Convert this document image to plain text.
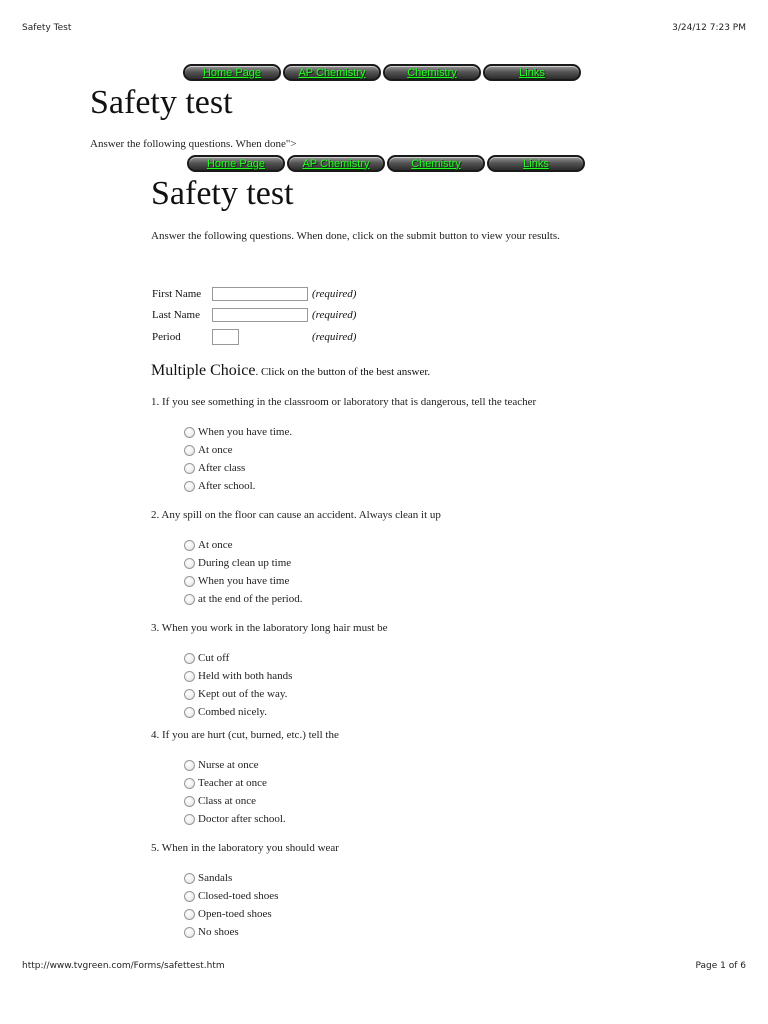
Safety Test	3/24/12 7:23 PM
Home Page	AP Chemistry	Chemistry	Links
Safety test
Answer the following questions. When done">
Home Page	AP Chemistry	Chemistry	Links
Safety test
Answer the following questions. When done, click on the submit button to view your results.
First Name	(required)
Last Name	(required)
Period	(required)
Multiple Choice. Click on the button of the best answer.
1. If you see something in the classroom or laboratory that is dangerous, tell the teacher
When you have time.
At once
After class
After school.
2. Any spill on the floor can cause an accident. Always clean it up
At once
During clean up time
When you have time
at the end of the period.
3. When you work in the laboratory long hair must be
Cut off
Held with both hands
Kept out of the way.
Combed nicely.
4. If you are hurt (cut, burned, etc.) tell the
Nurse at once
Teacher at once
Class at once
Doctor after school.
5. When in the laboratory you should wear
Sandals
Closed-toed shoes
Open-toed shoes
No shoes
http://www.tvgreen.com/Forms/safettest.htm	Page 1 of 6
